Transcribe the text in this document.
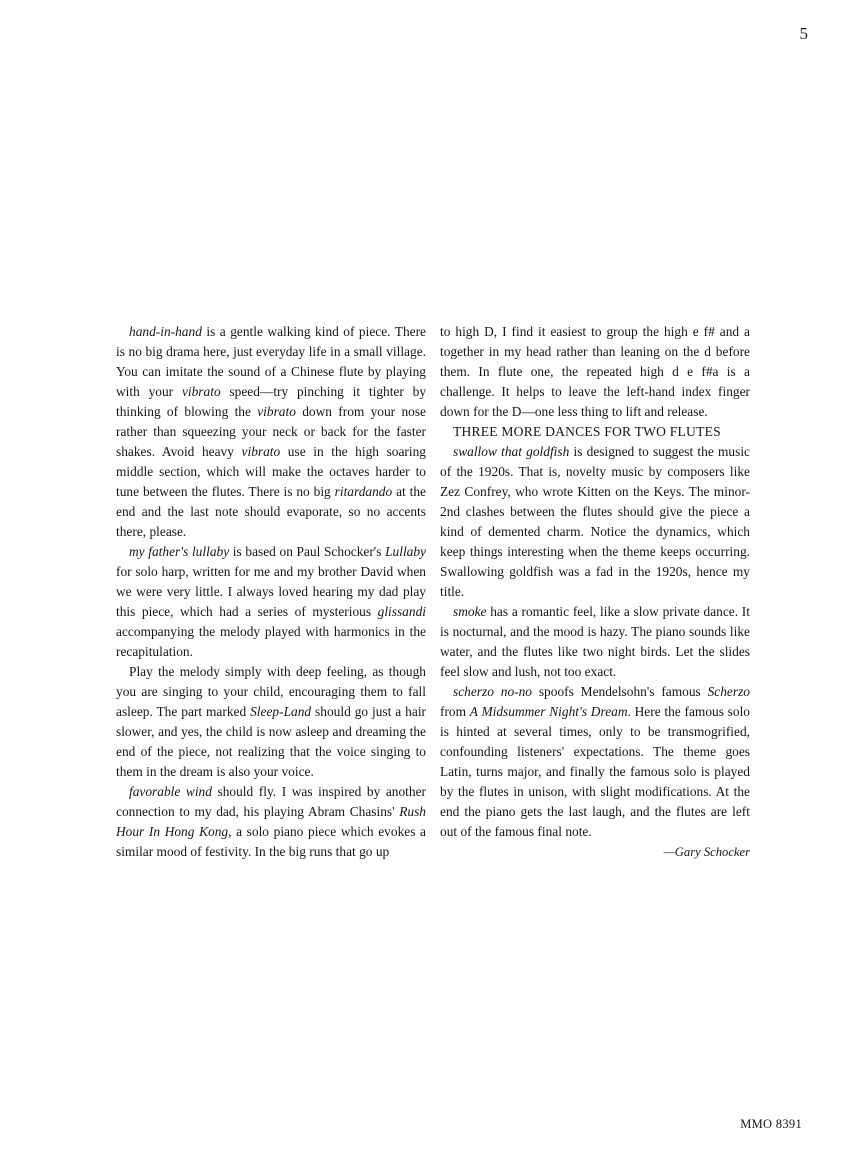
5

hand-in-hand is a gentle walking kind of piece. There is no big drama here, just everyday life in a small village. You can imitate the sound of a Chinese flute by playing with your vibrato speed—try pinching it tighter by thinking of blowing the vibrato down from your nose rather than squeezing your neck or back for the faster shakes. Avoid heavy vibrato use in the high soaring middle section, which will make the octaves harder to tune between the flutes. There is no big ritardando at the end and the last note should evaporate, so no accents there, please.

my father's lullaby is based on Paul Schocker's Lullaby for solo harp, written for me and my brother David when we were very little. I always loved hearing my dad play this piece, which had a series of mysterious glissandi accompanying the melody played with harmonics in the recapitulation.

Play the melody simply with deep feeling, as though you are singing to your child, encouraging them to fall asleep. The part marked Sleep-Land should go just a hair slower, and yes, the child is now asleep and dreaming the end of the piece, not realizing that the voice singing to them in the dream is also your voice.

favorable wind should fly. I was inspired by another connection to my dad, his playing Abram Chasins' Rush Hour In Hong Kong, a solo piano piece which evokes a similar mood of festivity. In the big runs that go up

to high D, I find it easiest to group the high e f# and a together in my head rather than leaning on the d before them. In flute one, the repeated high d e f#a is a challenge. It helps to leave the left-hand index finger down for the D—one less thing to lift and release.

THREE MORE DANCES FOR TWO FLUTES

swallow that goldfish is designed to suggest the music of the 1920s. That is, novelty music by composers like Zez Confrey, who wrote Kitten on the Keys. The minor-2nd clashes between the flutes should give the piece a kind of demented charm. Notice the dynamics, which keep things interesting when the theme keeps occurring. Swallowing goldfish was a fad in the 1920s, hence my title.

smoke has a romantic feel, like a slow private dance. It is nocturnal, and the mood is hazy. The piano sounds like water, and the flutes like two night birds. Let the slides feel slow and lush, not too exact.

scherzo no-no spoofs Mendelsohn's famous Scherzo from A Midsummer Night's Dream. Here the famous solo is hinted at several times, only to be transmogrified, confounding listeners' expectations. The theme goes Latin, turns major, and finally the famous solo is played by the flutes in unison, with slight modifications. At the end the piano gets the last laugh, and the flutes are left out of the famous final note.

—Gary Schocker

MMO 8391
